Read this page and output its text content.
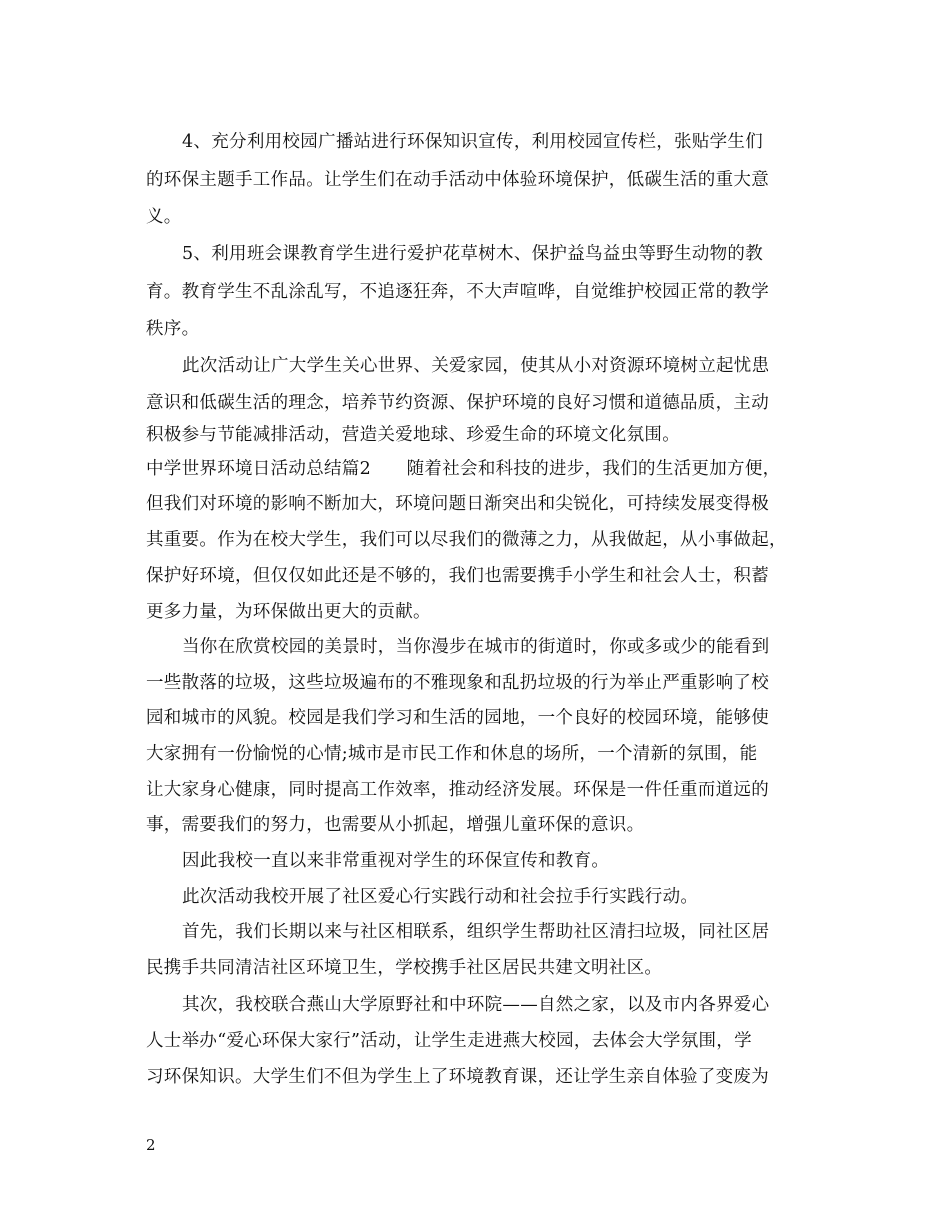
4、充分利用校园广播站进行环保知识宣传，利用校园宣传栏，张贴学生们
的环保主题手工作品。让学生们在动手活动中体验环境保护，低碳生活的重大意
义。
5、利用班会课教育学生进行爱护花草树木、保护益鸟益虫等野生动物的教
育。教育学生不乱涂乱写，不追逐狂奔，不大声喧哗，自觉维护校园正常的教学
秩序。
此次活动让广大学生关心世界、关爱家园，使其从小对资源环境树立起忧患
意识和低碳生活的理念，培养节约资源、保护环境的良好习惯和道德品质，主动
积极参与节能减排活动，营造关爱地球、珍爱生命的环境文化氛围。
中学世界环境日活动总结篇2　　随着社会和科技的进步，我们的生活更加方便，
但我们对环境的影响不断加大，环境问题日渐突出和尖锐化，可持续发展变得极
其重要。作为在校大学生，我们可以尽我们的微薄之力，从我做起，从小事做起，
保护好环境，但仅仅如此还是不够的，我们也需要携手小学生和社会人士，积蓄
更多力量，为环保做出更大的贡献。
当你在欣赏校园的美景时，当你漫步在城市的街道时，你或多或少的能看到
一些散落的垃圾，这些垃圾遍布的不雅现象和乱扔垃圾的行为举止严重影响了校
园和城市的风貌。校园是我们学习和生活的园地，一个良好的校园环境，能够使
大家拥有一份愉悦的心情;城市是市民工作和休息的场所，一个清新的氛围，能
让大家身心健康，同时提高工作效率，推动经济发展。环保是一件任重而道远的
事，需要我们的努力，也需要从小抓起，增强儿童环保的意识。
因此我校一直以来非常重视对学生的环保宣传和教育。
此次活动我校开展了社区爱心行实践行动和社会拉手行实践行动。
首先，我们长期以来与社区相联系，组织学生帮助社区清扫垃圾，同社区居
民携手共同清洁社区环境卫生，学校携手社区居民共建文明社区。
其次，我校联合燕山大学原野社和中环院——自然之家，以及市内各界爱心
人士举办“爱心环保大家行”活动，让学生走进燕大校园，去体会大学氛围，学
习环保知识。大学生们不但为学生上了环境教育课，还让学生亲自体验了变废为
2
